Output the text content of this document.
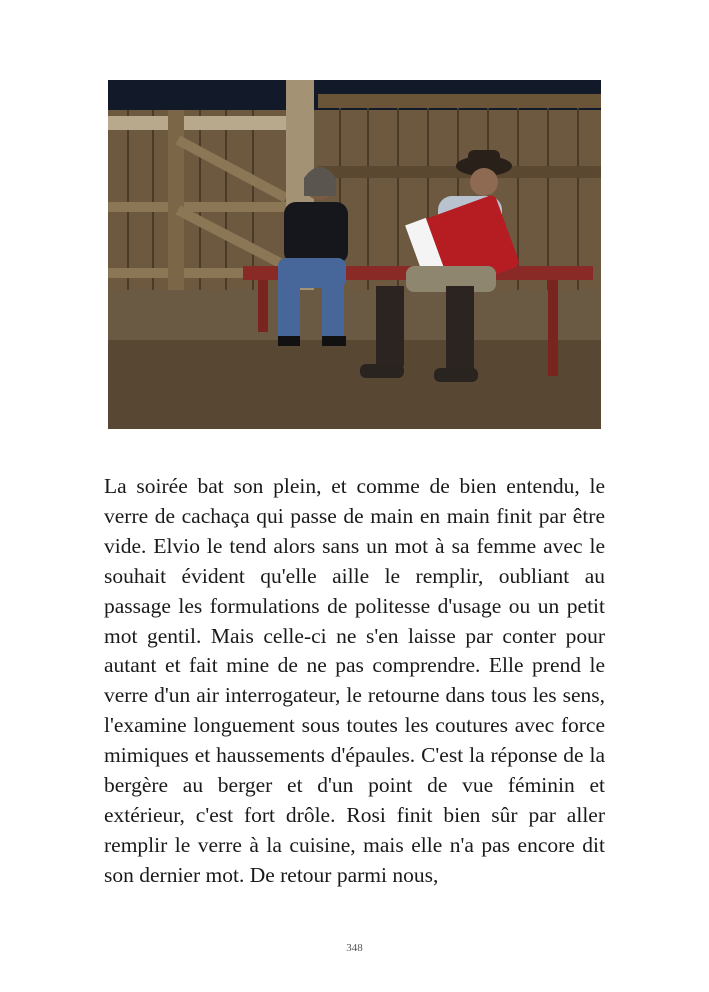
La soirée bat son plein, et comme de bien entendu, le verre de cachaça qui passe de main en main finit par être vide. Elvio le tend alors sans un mot à sa femme avec le souhait évident qu'elle aille le remplir, oubliant au passage les formulations de politesse d'usage ou un petit mot gentil. Mais celle-ci ne s'en laisse par conter pour autant et fait mine de ne pas comprendre. Elle prend le verre d'un air interrogateur, le retourne dans tous les sens, l'examine longuement sous toutes les coutures avec force mimiques et haussements d'épaules. C'est la réponse de la bergère au berger et d'un point de vue féminin et extérieur, c'est fort drôle. Rosi finit bien sûr par aller remplir le verre à la cuisine, mais elle n'a pas encore dit son dernier mot. De retour parmi nous,

348
